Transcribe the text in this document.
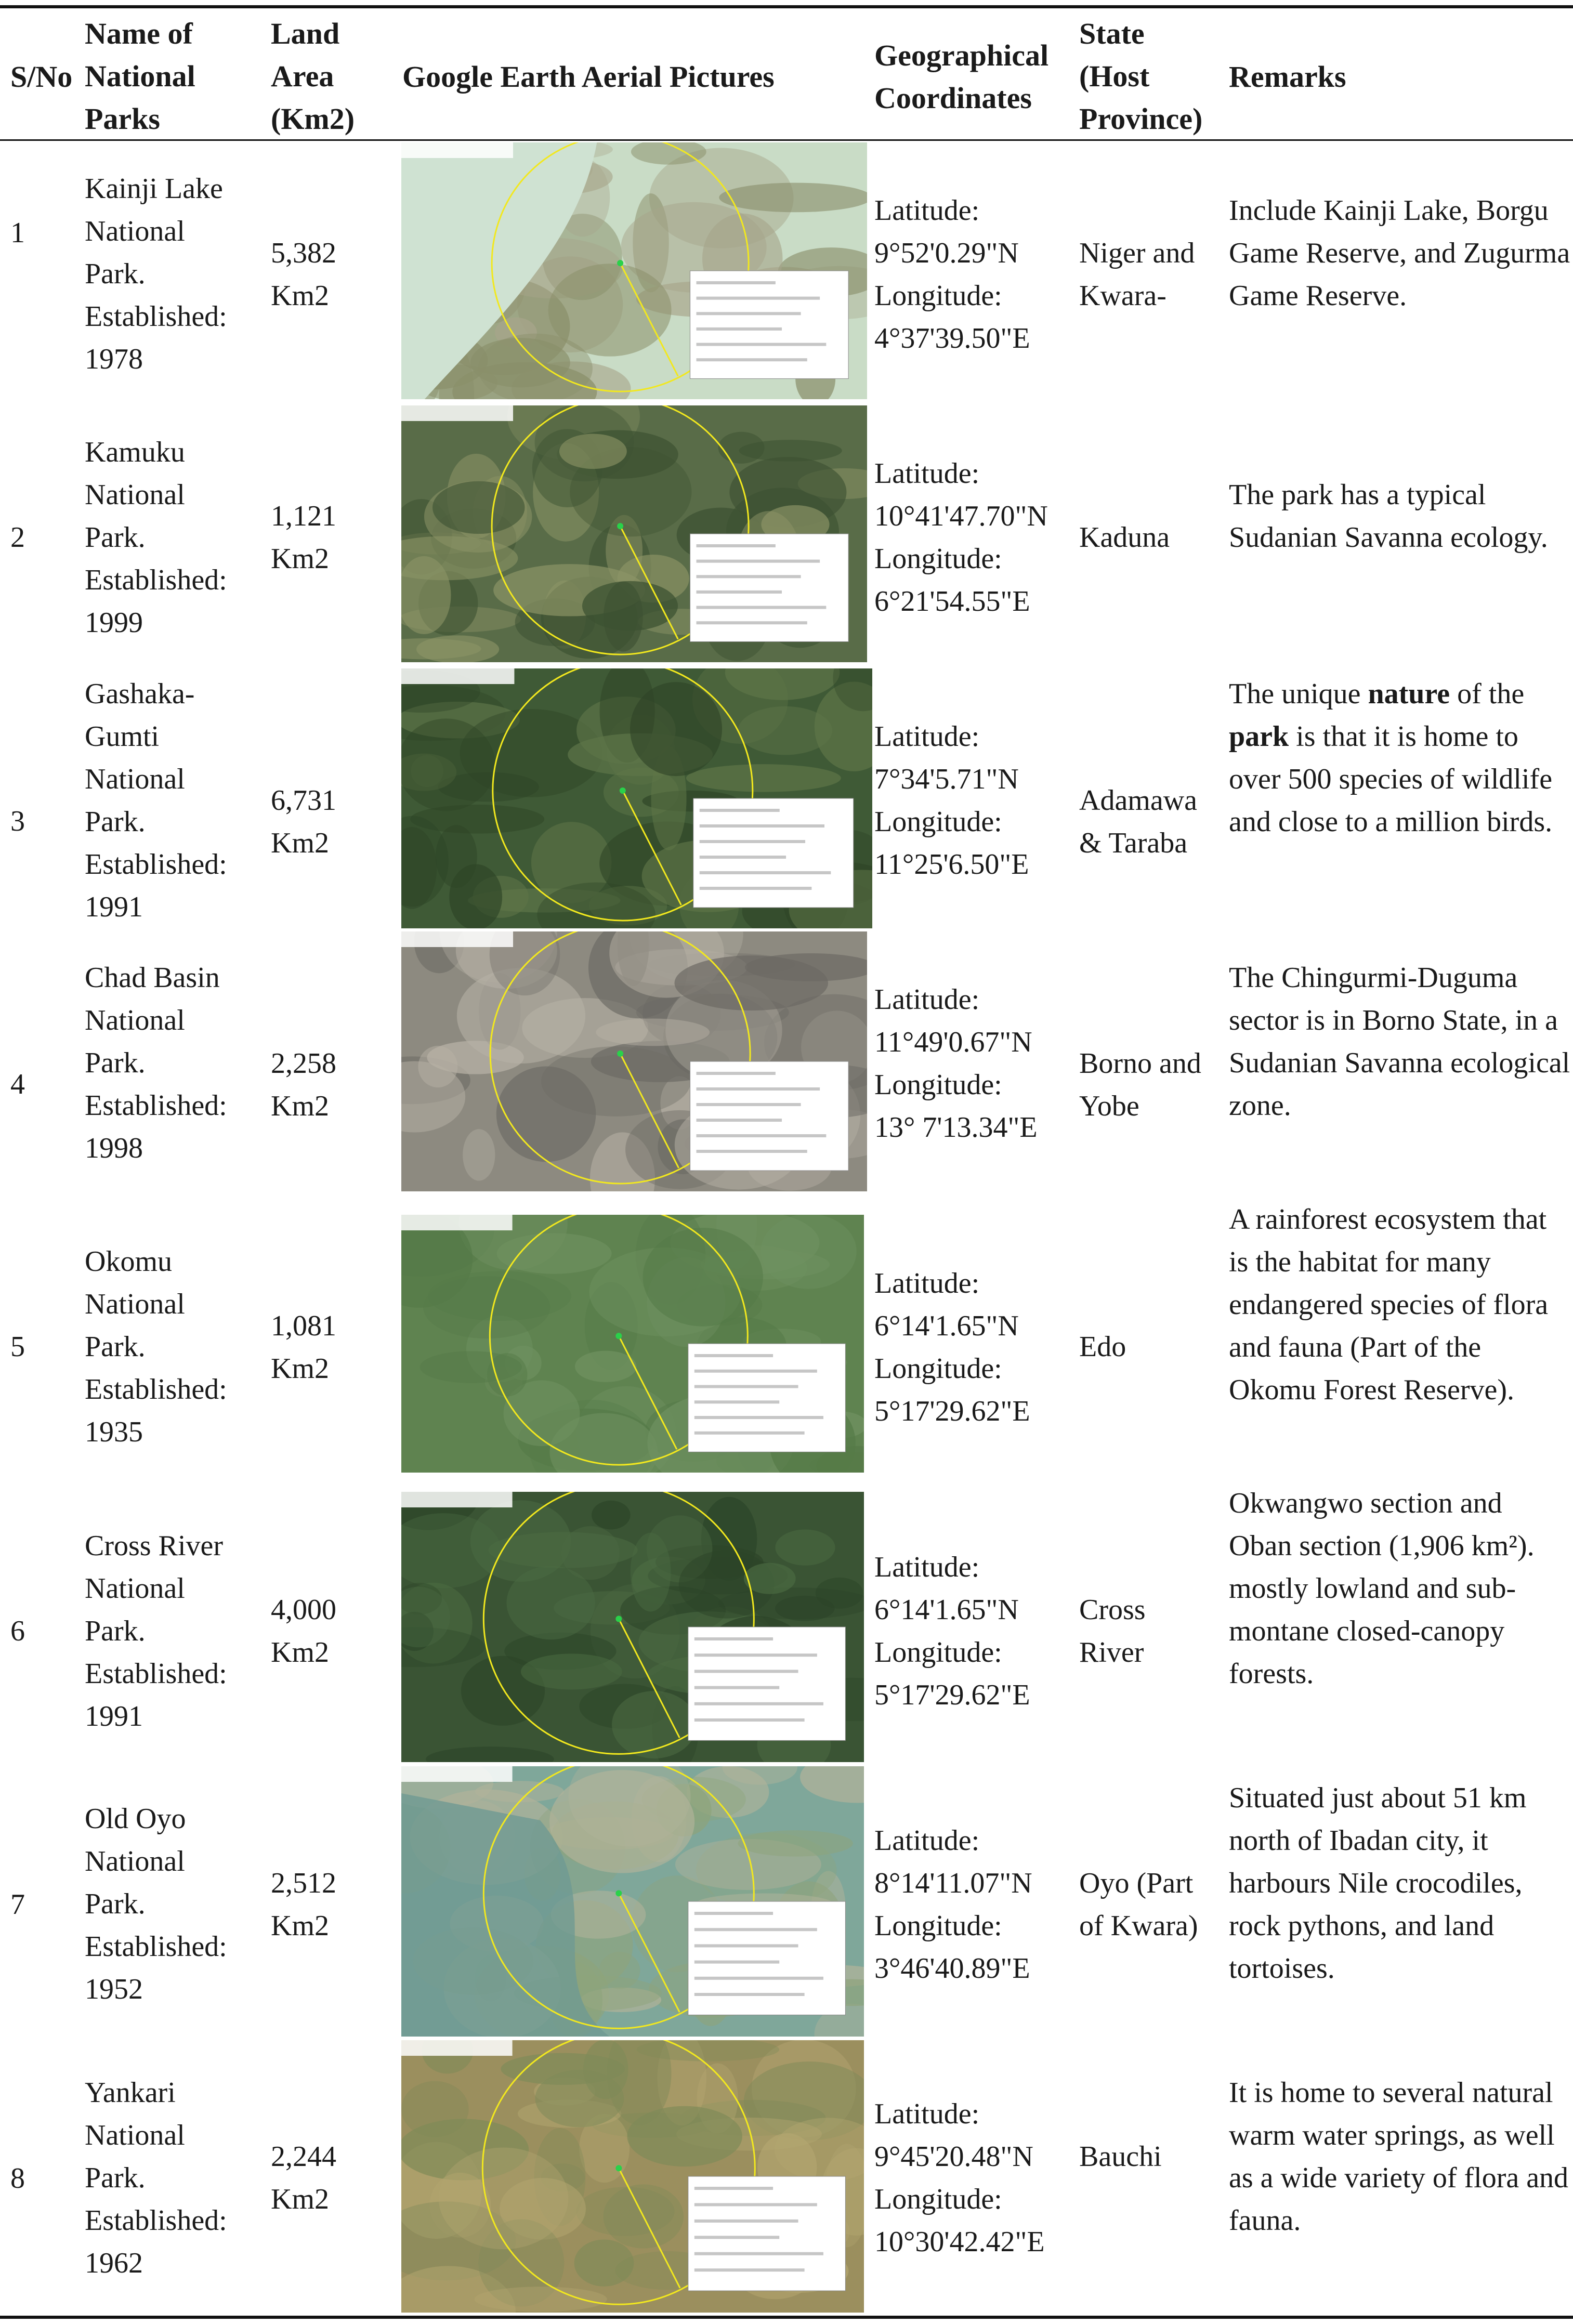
S/No
Name of
National
Parks
Land
Area
(Km2)
Google Earth Aerial Pictures
Geographical
Coordinates
State
(Host
Province)
Remarks
1
Kainji Lake
National
Park.
Established:
1978
5,382
Km2
Latitude:
9°52'0.29"N
Longitude:
4°37'39.50"E
Niger and
Kwara-
Include Kainji Lake, Borgu Game Reserve, and Zugurma Game Reserve.
2
Kamuku
National
Park.
Established:
1999
1,121
Km2
Latitude:
10°41'47.70"N
Longitude:
6°21'54.55"E
Kaduna
The park has a typical Sudanian Savanna ecology.
3
Gashaka-
Gumti
National
Park.
Established:
1991
6,731
Km2
Latitude:
7°34'5.71"N
Longitude:
11°25'6.50"E
Adamawa
& Taraba
The unique nature of the park is that it is home to over 500 species of wildlife and close to a million birds.
4
Chad Basin
National
Park.
Established:
1998
2,258
Km2
Latitude:
11°49'0.67"N
Longitude:
13° 7'13.34"E
Borno and
Yobe
The Chingurmi-Duguma sector is in Borno State, in a Sudanian Savanna ecological zone.
5
Okomu
National
Park.
Established:
1935
1,081
Km2
Latitude:
6°14'1.65"N
Longitude:
5°17'29.62"E
Edo
A rainforest ecosystem that is the habitat for many endangered species of flora and fauna (Part of the Okomu Forest Reserve).
6
Cross River
National
Park.
Established:
1991
4,000
Km2
Latitude:
6°14'1.65"N
Longitude:
5°17'29.62"E
Cross
River
Okwangwo section and Oban section (1,906 km²). mostly lowland and sub-montane closed-canopy forests.
7
Old Oyo
National
Park.
Established:
1952
2,512
Km2
Latitude:
8°14'11.07"N
Longitude:
3°46'40.89"E
Oyo (Part
of Kwara)
Situated just about 51 km north of Ibadan city, it harbours Nile crocodiles, rock pythons, and land tortoises.
8
Yankari
National
Park.
Established:
1962
2,244
Km2
Latitude:
9°45'20.48"N
Longitude:
10°30'42.42"E
Bauchi
It is home to several natural warm water springs, as well as a wide variety of flora and fauna.
